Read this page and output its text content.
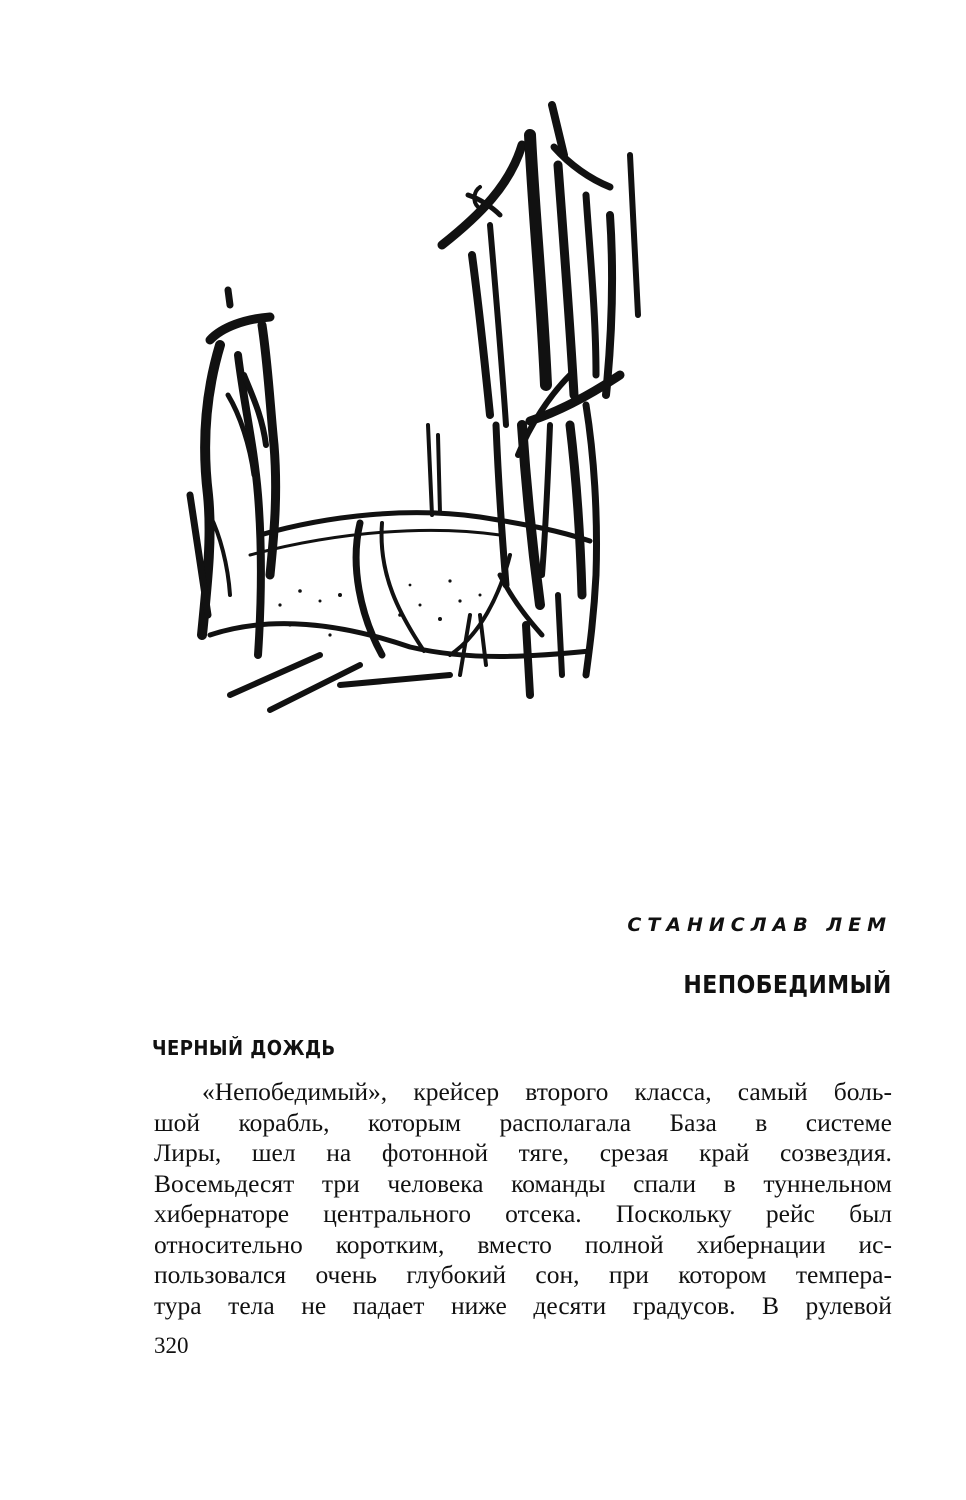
СТАНИСЛАВ ЛЕМ
НЕПОБЕДИМЫЙ
ЧЕРНЫЙ ДОЖДЬ
«Непобедимый», крейсер второго класса, самый боль-
шой корабль, которым располагала База в системе
Лиры, шел на фотонной тяге, срезая край созвездия.
Восемьдесят три человека команды спали в туннельном
хибернаторе центрального отсека. Поскольку рейс был
относительно коротким, вместо полной хибернации ис-
пользовался очень глубокий сон, при котором темпера-
тура тела не падает ниже десяти градусов. В рулевой
320
